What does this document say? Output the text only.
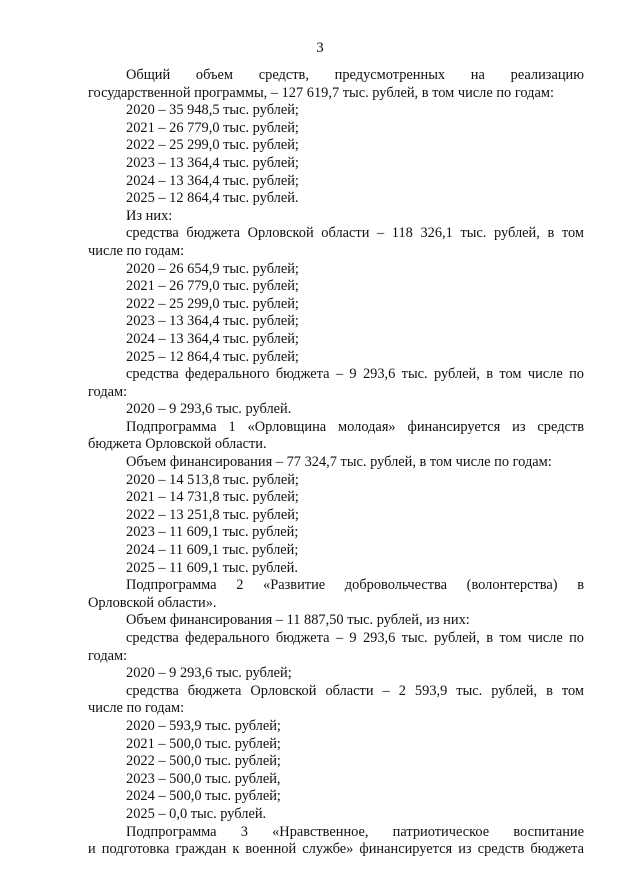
3
Общий объем средств, предусмотренных на реализацию
государственной программы, – 127 619,7 тыс. рублей, в том числе по годам:
2020 – 35 948,5 тыс. рублей;
2021 – 26 779,0 тыс. рублей;
2022 – 25 299,0 тыс. рублей;
2023 – 13 364,4 тыс. рублей;
2024 – 13 364,4 тыс. рублей;
2025 – 12 864,4 тыс. рублей.
Из них:
средства бюджета Орловской области – 118 326,1 тыс. рублей, в том
числе по годам:
2020 – 26 654,9 тыс. рублей;
2021 – 26 779,0 тыс. рублей;
2022 – 25 299,0 тыс. рублей;
2023 – 13 364,4 тыс. рублей;
2024 – 13 364,4 тыс. рублей;
2025 – 12 864,4 тыс. рублей;
средства федерального бюджета – 9 293,6 тыс. рублей, в том числе по
годам:
2020 – 9 293,6 тыс. рублей.
Подпрограмма 1 «Орловщина молодая» финансируется из средств
бюджета Орловской области.
Объем финансирования – 77 324,7 тыс. рублей, в том числе по годам:
2020 – 14 513,8 тыс. рублей;
2021 – 14 731,8 тыс. рублей;
2022 – 13 251,8 тыс. рублей;
2023 – 11 609,1 тыс. рублей;
2024 – 11 609,1 тыс. рублей;
2025 – 11 609,1 тыс. рублей.
Подпрограмма 2 «Развитие добровольчества (волонтерства) в
Орловской области».
Объем финансирования – 11 887,50 тыс. рублей, из них:
средства федерального бюджета – 9 293,6 тыс. рублей, в том числе по
годам:
2020 – 9 293,6 тыс. рублей;
средства бюджета Орловской области – 2 593,9 тыс. рублей, в том
числе по годам:
2020 – 593,9 тыс. рублей;
2021 – 500,0 тыс. рублей;
2022 – 500,0 тыс. рублей;
2023 – 500,0 тыс. рублей,
2024 – 500,0 тыс. рублей;
2025 – 0,0 тыс. рублей.
Подпрограмма 3 «Нравственное, патриотическое воспитание
и подготовка граждан к военной службе» финансируется из средств бюджета
